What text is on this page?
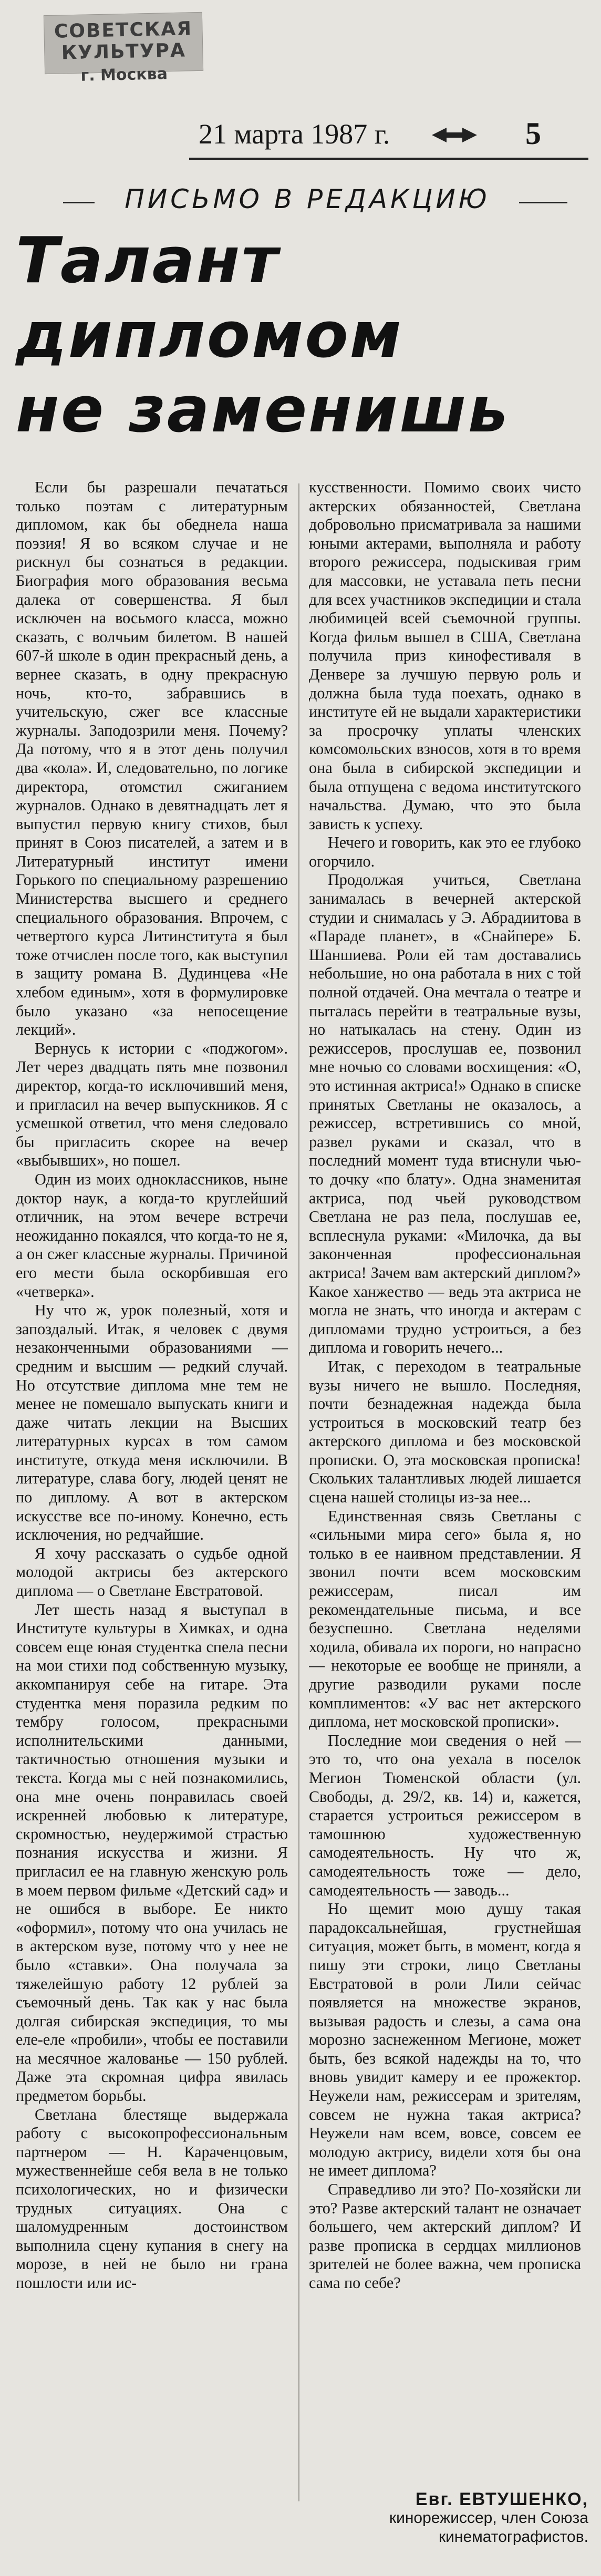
СОВЕТСКАЯ КУЛЬТУРА
г. Москва
21 марта 1987 г.	5
ПИСЬМО В РЕДАКЦИЮ
Талант
дипломом
не заменишь

Если бы разрешали печататься только поэтам с литературным дипломом, как бы обеднела наша поэзия! Я во всяком случае и не рискнул бы сознаться в редакции. Биография мого образования весьма далека от совершенства. Я был исключен на восьмого класса, можно сказать, с волчьим билетом. В нашей 607-й школе в один прекрасный день, а вернее сказать, в одну прекрасную ночь, кто-то, забравшись в учительскую, сжег все классные журналы. Заподозрили меня. Почему? Да потому, что я в этот день получил два «кола». И, следовательно, по логике директора, отомстил сжиганием журналов. Однако в девятнадцать лет я выпустил первую книгу стихов, был принят в Союз писателей, а затем и в Литературный институт имени Горького по специальному разрешению Министерства высшего и среднего специального образования. Впрочем, с четвертого курса Литинститута я был тоже отчислен после того, как выступил в защиту романа В. Дудинцева «Не хлебом единым», хотя в формулировке было указано «за непосещение лекций».

Вернусь к истории с «поджогом». Лет через двадцать пять мне позвонил директор, когда-то исключивший меня, и пригласил на вечер выпускников. Я с усмешкой ответил, что меня следовало бы пригласить скорее на вечер «выбывших», но пошел.

Один из моих одноклассников, ныне доктор наук, а когда-то круглейший отличник, на этом вечере встречи неожиданно покаялся, что когда-то не я, а он сжег классные журналы. Причиной его мести была оскорбившая его «четверка».

Ну что ж, урок полезный, хотя и запоздалый. Итак, я человек с двумя незаконченными образованиями — средним и высшим — редкий случай. Но отсутствие диплома мне тем не менее не помешало выпускать книги и даже читать лекции на Высших литературных курсах в том самом институте, откуда меня исключили. В литературе, слава богу, людей ценят не по диплому. А вот в актерском искусстве все по-иному. Конечно, есть исключения, но редчайшие.

Я хочу рассказать о судьбе одной молодой актрисы без актерского диплома — о Светлане Евстратовой.

Лет шесть назад я выступал в Институте культуры в Химках, и одна совсем еще юная студентка спела песни на мои стихи под собственную музыку, аккомпанируя себе на гитаре. Эта студентка меня поразила редким по тембру голосом, прекрасными исполнительскими данными, тактичностью отношения музыки и текста. Когда мы с ней познакомились, она мне очень понравилась своей искренней любовью к литературе, скромностью, неудержимой страстью познания искусства и жизни. Я пригласил ее на главную женскую роль в моем первом фильме «Детский сад» и не ошибся в выборе. Ее никто «оформил», потому что она училась не в актерском вузе, потому что у нее не было «ставки». Она получала за тяжелейшую работу 12 рублей за съемочный день. Так как у нас была долгая сибирская экспедиция, то мы еле-еле «пробили», чтобы ее поставили на месячное жалованье — 150 рублей. Даже эта скромная цифра явилась предметом борьбы.

Светлана блестяще выдержала работу с высокопрофессиональным партнером — Н. Караченцовым, мужественнейше себя вела в не только психологических, но и физически трудных ситуациях. Она с шаломудренным достоинством выполнила сцену купания в снегу на морозе, в ней не было ни грана пошлости или ис-

кусственности. Помимо своих чисто актерских обязанностей, Светлана добровольно присматривала за нашими юными актерами, выполняла и работу второго режиссера, подыскивая грим для массовки, не уставала петь песни для всех участников экспедиции и стала любимицей всей съемочной группы. Когда фильм вышел в США, Светлана получила приз кинофестиваля в Денвере за лучшую первую роль и должна была туда поехать, однако в институте ей не выдали характеристики за просрочку уплаты членских комсомольских взносов, хотя в то время она была в сибирской экспедиции и была отпущена с ведома институтского начальства. Думаю, что это была зависть к успеху.

Нечего и говорить, как это ее глубоко огорчило.

Продолжая учиться, Светлана занималась в вечерней актерской студии и снималась у Э. Абрадиитова в «Параде планет», в «Снайпере» Б. Шаншиева. Роли ей там доставались небольшие, но она работала в них с той полной отдачей. Она мечтала о театре и пыталась перейти в театральные вузы, но натыкалась на стену. Один из режиссеров, прослушав ее, позвонил мне ночью со словами восхищения: «О, это истинная актриса!» Однако в списке принятых Светланы не оказалось, а режиссер, встретившись со мной, развел руками и сказал, что в последний момент туда втиснули чью-то дочку «по блату». Одна знаменитая актриса, под чьей руководством Светлана не раз пела, послушав ее, всплеснула руками: «Милочка, да вы законченная профессиональная актриса! Зачем вам актерский диплом?» Какое ханжество — ведь эта актриса не могла не знать, что иногда и актерам с дипломами трудно устроиться, а без диплома и говорить нечего...

Итак, с переходом в театральные вузы ничего не вышло. Последняя, почти безнадежная надежда была устроиться в московский театр без актерского диплома и без московской прописки. О, эта московская прописка! Скольких талантливых людей лишается сцена нашей столицы из-за нее...

Единственная связь Светланы с «сильными мира сего» была я, но только в ее наивном представлении. Я звонил почти всем московским режиссерам, писал им рекомендательные письма, и все безуспешно. Светлана неделями ходила, обивала их пороги, но напрасно — некоторые ее вообще не приняли, а другие разводили руками после комплиментов: «У вас нет актерского диплома, нет московской прописки».

Последние мои сведения о ней — это то, что она уехала в поселок Мегион Тюменской области (ул. Свободы, д. 29/2, кв. 14) и, кажется, старается устроиться режиссером в тамошнюю художественную самодеятельность. Ну что ж, самодеятельность тоже — дело, самодеятельность — заводь...

Но щемит мою душу такая парадоксальнейшая, грустнейшая ситуация, может быть, в момент, когда я пишу эти строки, лицо Светланы Евстратовой в роли Лили сейчас появляется на множестве экранов, вызывая радость и слезы, а сама она морозно заснеженном Мегионе, может быть, без всякой надежды на то, что вновь увидит камеру и ее прожектор. Неужели нам, режиссерам и зрителям, совсем не нужна такая актриса? Неужели нам всем, вовсе, совсем ее молодую актрису, видели хотя бы она не имеет диплома?

Справедливо ли это? По-хозяйски ли это? Разве актерский талант не означает большего, чем актерский диплом? И разве прописка в сердцах миллионов зрителей не более важна, чем прописка сама по себе?

Евг. ЕВТУШЕНКО,
кинорежиссер, член Союза
кинематографистов.
